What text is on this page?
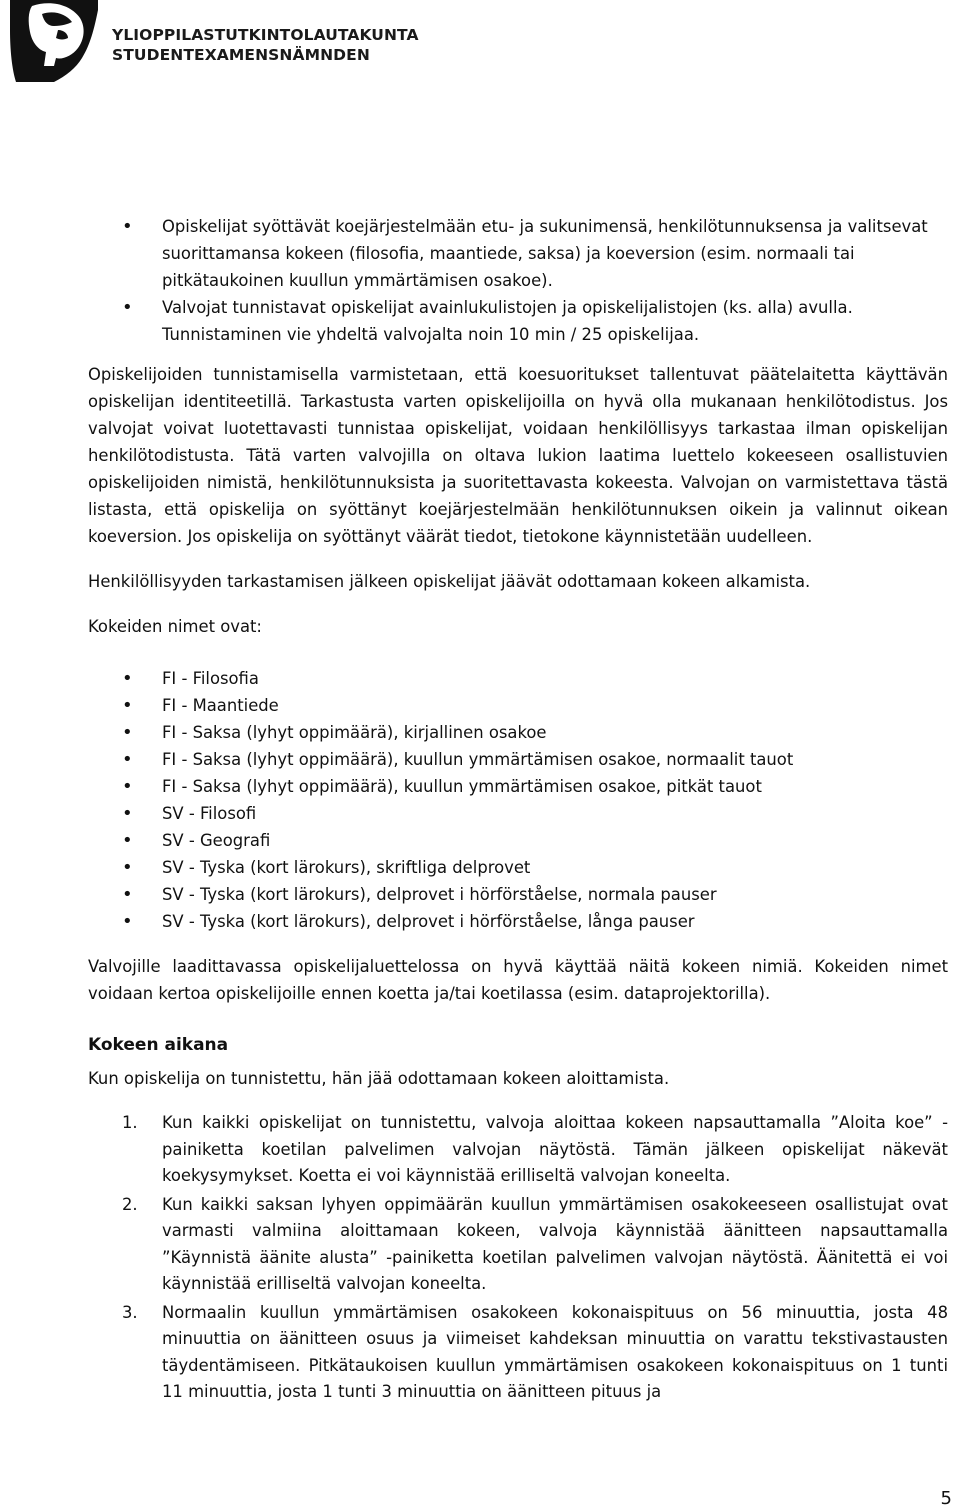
YLIOPPILASTUTKINTOLAUTAKUNTA
STUDENTEXAMENSNÄMNDEN
• Opiskelijat syöttävät koejärjestelmään etu- ja sukunimensä, henkilötunnuksensa ja valitsevat suorittamansa kokeen (filosofia, maantiede, saksa) ja koeversion (esim. normaali tai pitkätaukoinen kuullun ymmärtämisen osakoe).
• Valvojat tunnistavat opiskelijat avainlukulistojen ja opiskelijalistojen (ks. alla) avulla. Tunnistaminen vie yhdeltä valvojalta noin 10 min / 25 opiskelijaa.

Opiskelijoiden tunnistamisella varmistetaan, että koesuoritukset tallentuvat päätelaitetta käyttävän opiskelijan identiteetillä. Tarkastusta varten opiskelijoilla on hyvä olla mukanaan henkilötodistus. Jos valvojat voivat luotettavasti tunnistaa opiskelijat, voidaan henkilöllisyys tarkastaa ilman opiskelijan henkilötodistusta. Tätä varten valvojilla on oltava lukion laatima luettelo kokeeseen osallistuvien opiskelijoiden nimistä, henkilötunnuksista ja suoritettavasta kokeesta. Valvojan on varmistettava tästä listasta, että opiskelija on syöttänyt koejärjestelmään henkilötunnuksen oikein ja valinnut oikean koeversion. Jos opiskelija on syöttänyt väärät tiedot, tietokone käynnistetään uudelleen.

Henkilöllisyyden tarkastamisen jälkeen opiskelijat jäävät odottamaan kokeen alkamista.

Kokeiden nimet ovat:

• FI - Filosofia
• FI - Maantiede
• FI - Saksa (lyhyt oppimäärä), kirjallinen osakoe
• FI - Saksa (lyhyt oppimäärä), kuullun ymmärtämisen osakoe, normaalit tauot
• FI - Saksa (lyhyt oppimäärä), kuullun ymmärtämisen osakoe, pitkät tauot
• SV - Filosofi
• SV - Geografi
• SV - Tyska (kort lärokurs), skriftliga delprovet
• SV - Tyska (kort lärokurs), delprovet i hörförståelse, normala pauser
• SV - Tyska (kort lärokurs), delprovet i hörförståelse, långa pauser

Valvojille laadittavassa opiskelijaluettelossa on hyvä käyttää näitä kokeen nimiä. Kokeiden nimet voidaan kertoa opiskelijoille ennen koetta ja/tai koetilassa (esim. dataprojektorilla).

Kokeen aikana

Kun opiskelija on tunnistettu, hän jää odottamaan kokeen aloittamista.

1. Kun kaikki opiskelijat on tunnistettu, valvoja aloittaa kokeen napsauttamalla ”Aloita koe” -painiketta koetilan palvelimen valvojan näytöstä. Tämän jälkeen opiskelijat näkevät koekysymykset. Koetta ei voi käynnistää erilliseltä valvojan koneelta.
2. Kun kaikki saksan lyhyen oppimäärän kuullun ymmärtämisen osakokeeseen osallistujat ovat varmasti valmiina aloittamaan kokeen, valvoja käynnistää äänitteen napsauttamalla ”Käynnistä äänite alusta” -painiketta koetilan palvelimen valvojan näytöstä. Äänitettä ei voi käynnistää erilliseltä valvojan koneelta.
3. Normaalin kuullun ymmärtämisen osakokeen kokonaispituus on 56 minuuttia, josta 48 minuuttia on äänitteen osuus ja viimeiset kahdeksan minuuttia on varattu tekstivastausten täydentämiseen. Pitkätaukoisen kuullun ymmärtämisen osakokeen kokonaispituus on 1 tunti 11 minuuttia, josta 1 tunti 3 minuuttia on äänitteen pituus ja
5
